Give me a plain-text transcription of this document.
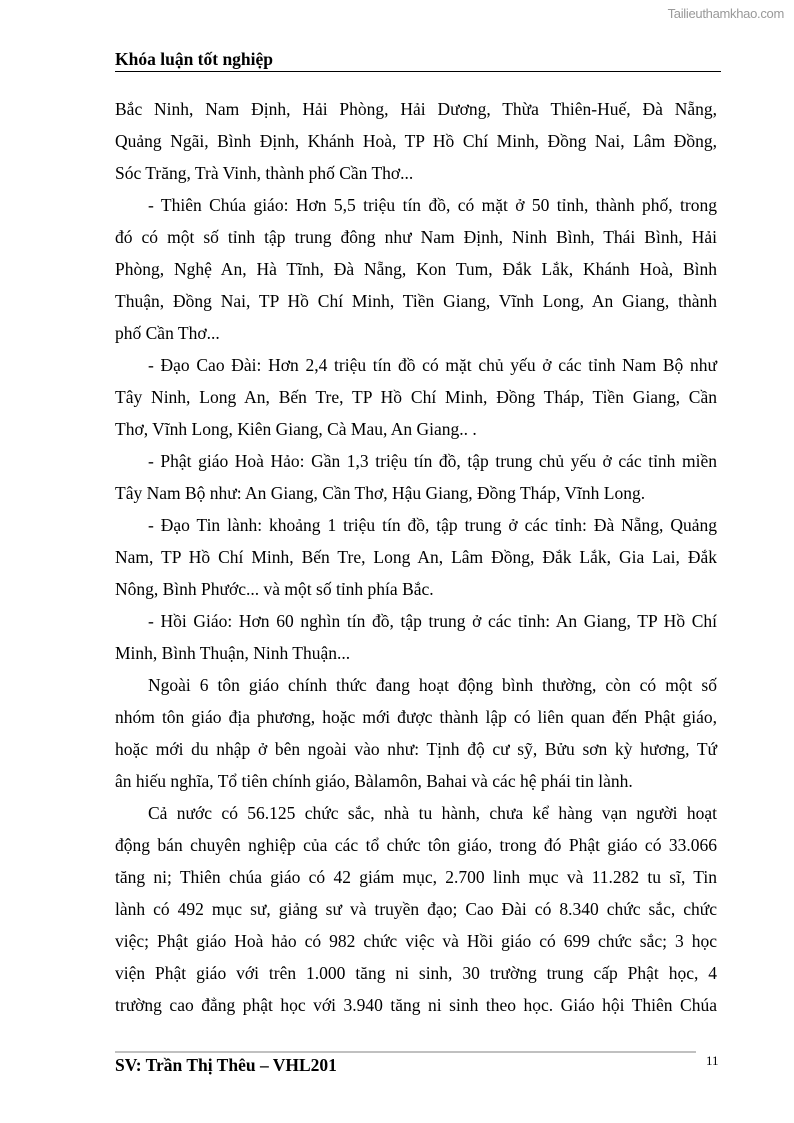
Tailieuthamkhao.com
Khóa luận tốt nghiệp
Bắc Ninh, Nam Định, Hải Phòng, Hải Dương, Thừa Thiên-Huế, Đà Nẵng,
Quảng Ngãi, Bình Định, Khánh Hoà, TP Hồ Chí Minh, Đồng Nai, Lâm Đồng,
Sóc Trăng, Trà Vinh, thành phố Cần Thơ...
- Thiên Chúa giáo: Hơn 5,5 triệu tín đồ, có mặt ở 50 tỉnh, thành phố, trong
đó có một số tỉnh tập trung đông như Nam Định, Ninh Bình, Thái Bình, Hải
Phòng, Nghệ An, Hà Tĩnh, Đà Nẵng, Kon Tum, Đắk Lắk, Khánh Hoà, Bình
Thuận, Đồng Nai, TP Hồ Chí Minh, Tiền Giang, Vĩnh Long, An Giang, thành
phố Cần Thơ...
- Đạo Cao Đài: Hơn 2,4 triệu tín đồ có mặt chủ yếu ở các tỉnh Nam Bộ như
Tây Ninh, Long An, Bến Tre, TP Hồ Chí Minh, Đồng Tháp, Tiền Giang, Cần
Thơ, Vĩnh Long, Kiên Giang, Cà Mau, An Giang.. .
- Phật giáo Hoà Hảo: Gần 1,3 triệu tín đồ, tập trung chủ yếu ở các tỉnh miền
Tây Nam Bộ như: An Giang, Cần Thơ, Hậu Giang, Đồng Tháp, Vĩnh Long.
- Đạo Tin lành: khoảng 1 triệu tín đồ, tập trung ở các tỉnh: Đà Nẵng, Quảng
Nam, TP Hồ Chí Minh, Bến Tre, Long An, Lâm Đồng, Đắk Lắk, Gia Lai, Đắk
Nông, Bình Phước... và một số tỉnh phía Bắc.
- Hồi Giáo: Hơn 60 nghìn tín đồ, tập trung ở các tỉnh: An Giang, TP Hồ Chí
Minh, Bình Thuận, Ninh Thuận...
Ngoài 6 tôn giáo chính thức đang hoạt động bình thường, còn có một số
nhóm tôn giáo địa phương, hoặc mới được thành lập có liên quan đến Phật giáo,
hoặc mới du nhập ở bên ngoài vào như: Tịnh độ cư sỹ, Bửu sơn kỳ hương, Tứ
ân hiếu nghĩa, Tổ tiên chính giáo, Bàlamôn, Bahai và các hệ phái tin lành.
Cả nước có 56.125 chức sắc, nhà tu hành, chưa kể hàng vạn người hoạt
động bán chuyên nghiệp của các tổ chức tôn giáo, trong đó Phật giáo có 33.066
tăng ni; Thiên chúa giáo có 42 giám mục, 2.700 linh mục và 11.282 tu sĩ, Tin
lành có 492 mục sư, giảng sư và truyền đạo; Cao Đài có 8.340 chức sắc, chức
việc; Phật giáo Hoà hảo có 982 chức việc và Hồi giáo có 699 chức sắc; 3 học
viện Phật giáo với trên 1.000 tăng ni sinh, 30 trường trung cấp Phật học, 4
trường cao đẳng phật học với 3.940 tăng ni sinh theo học. Giáo hội Thiên Chúa
SV: Trần Thị Thêu – VHL201	11
